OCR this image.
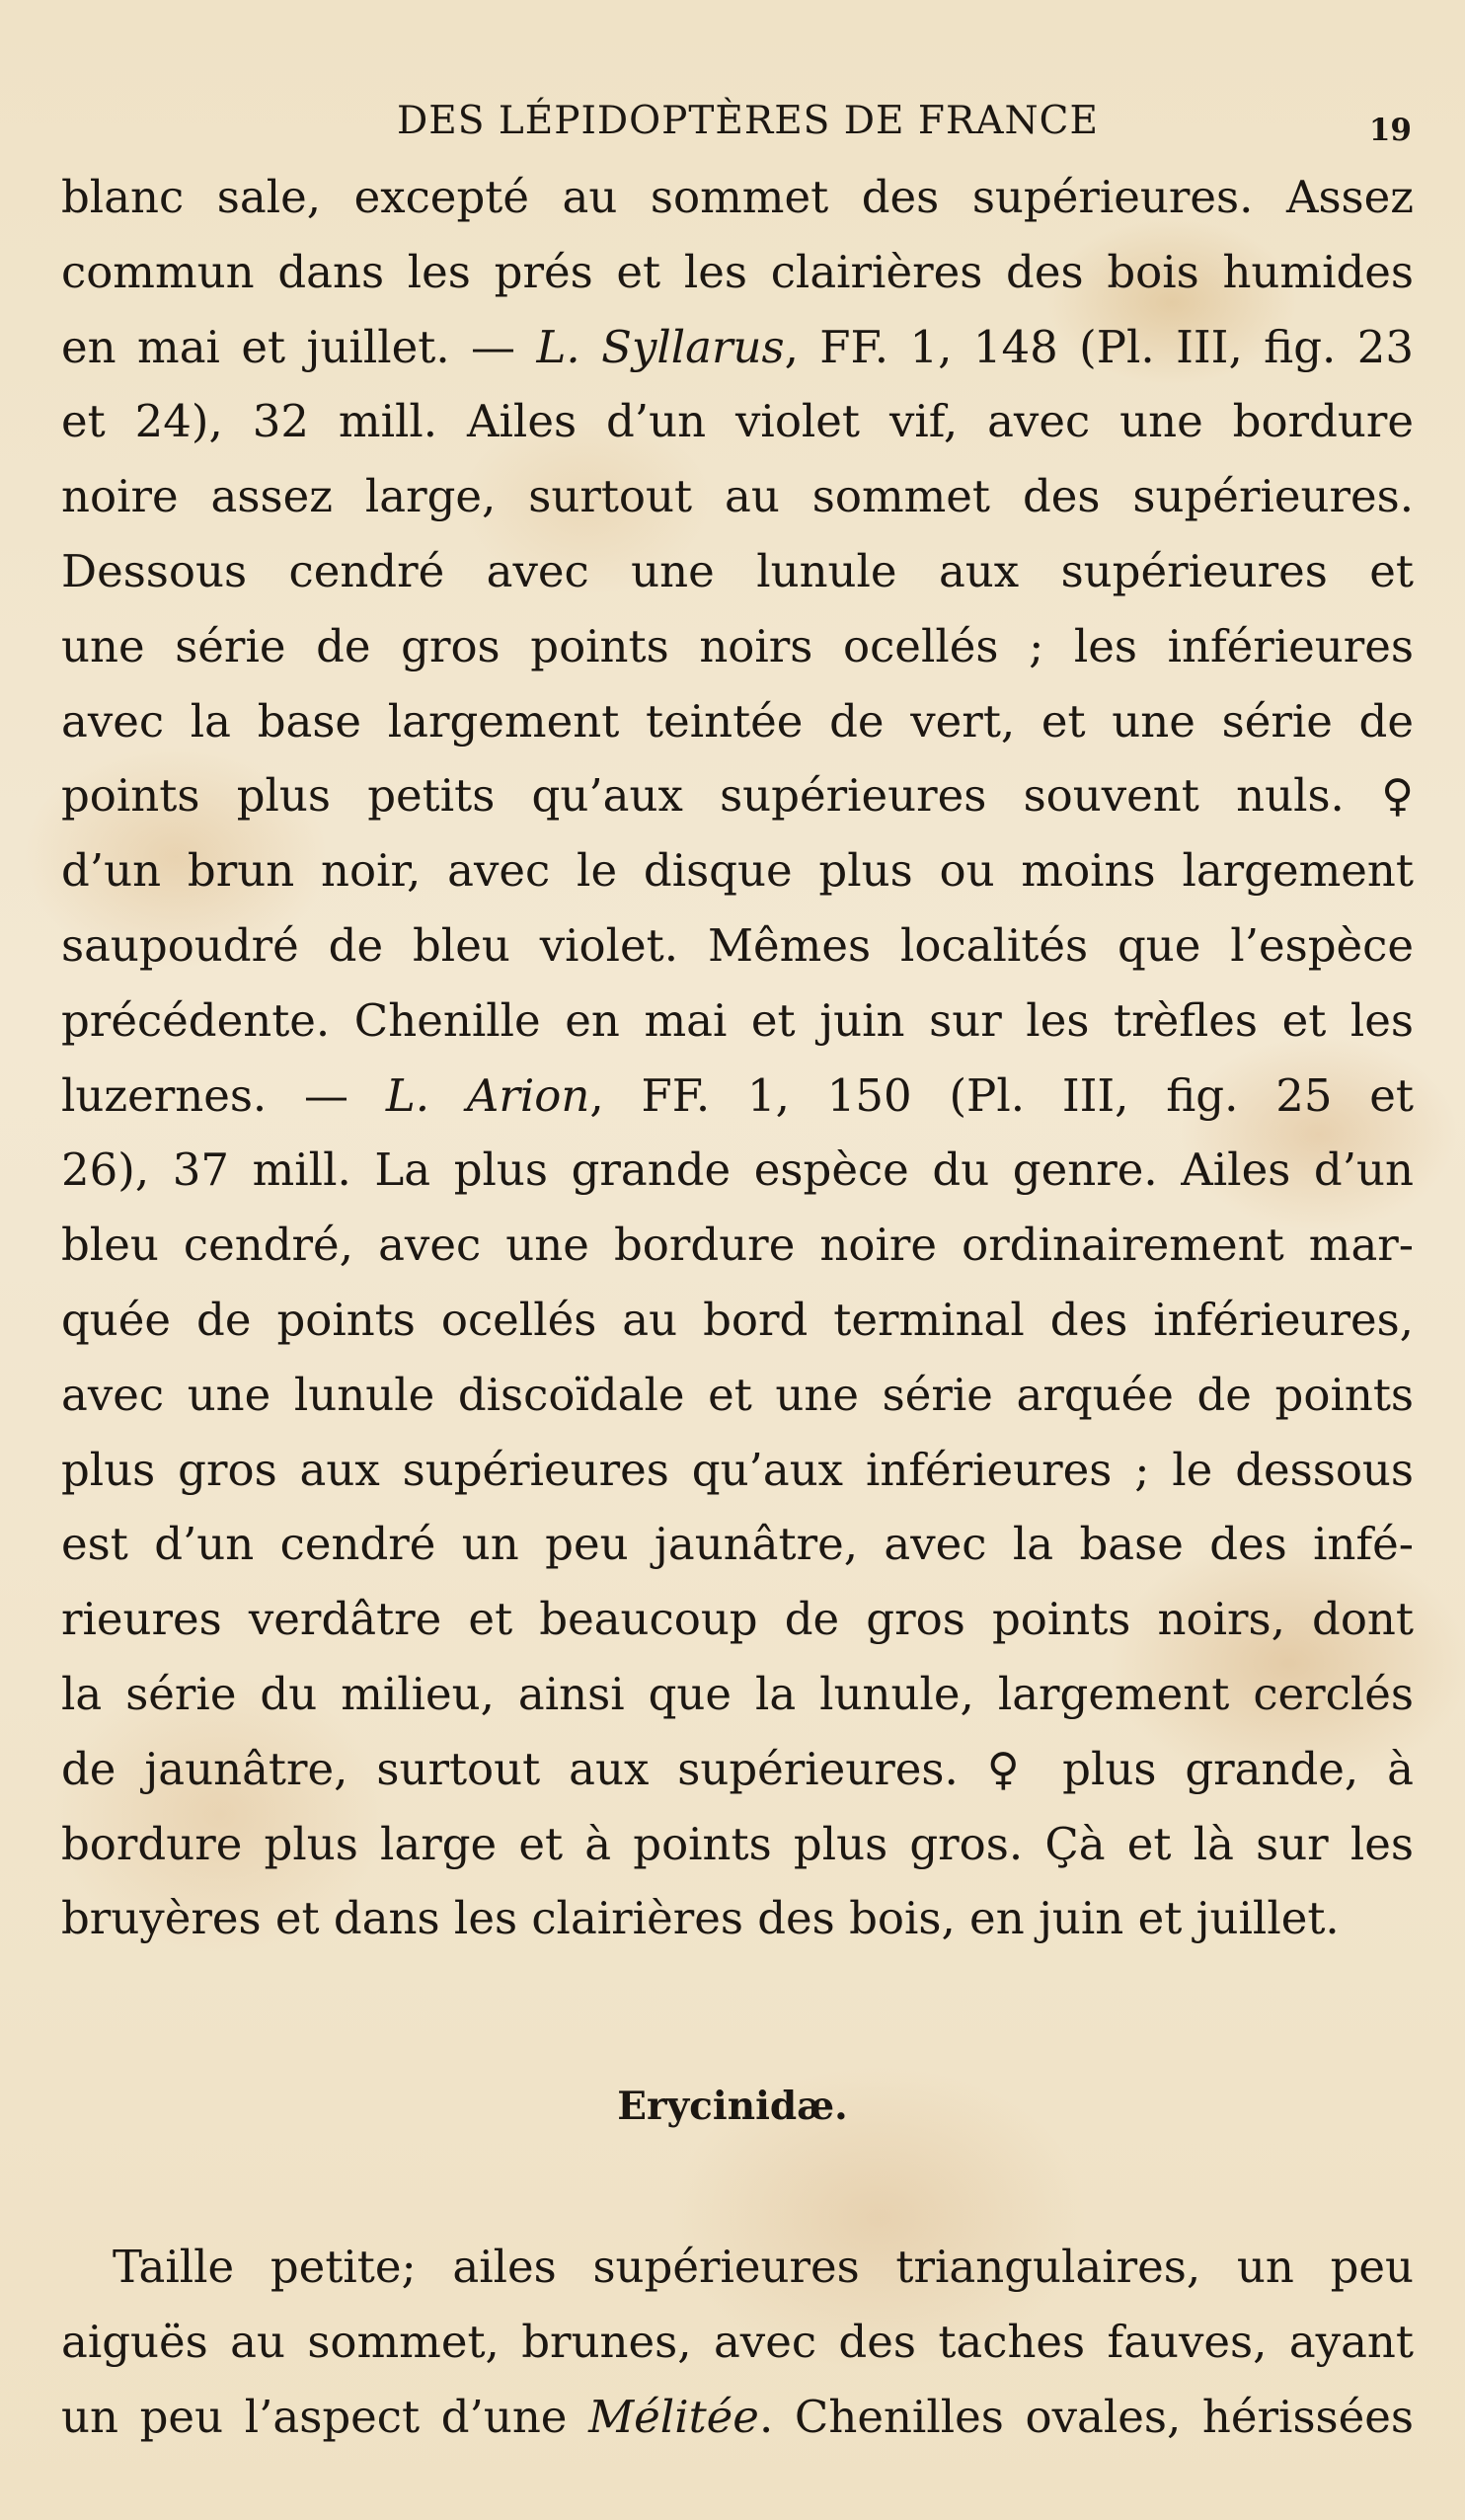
DES LÉPIDOPTÈRES DE FRANCE	19
blanc sale, excepté au sommet des supérieures. Assez
commun dans les prés et les clairières des bois humides
en mai et juillet. — L. Syllarus, FF. 1, 148 (Pl. III, fig. 23
et 24), 32 mill. Ailes d’un violet vif, avec une bordure
noire assez large, surtout au sommet des supérieures.
Dessous cendré avec une lunule aux supérieures et
une série de gros points noirs ocellés ; les inférieures
avec la base largement teintée de vert, et une série de
points plus petits qu’aux supérieures souvent nuls. ♀
d’un brun noir, avec le disque plus ou moins largement
saupoudré de bleu violet. Mêmes localités que l’espèce
précédente. Chenille en mai et juin sur les trèfles et les
luzernes. — L. Arion, FF. 1, 150 (Pl. III, fig. 25 et
26), 37 mill. La plus grande espèce du genre. Ailes d’un
bleu cendré, avec une bordure noire ordinairement mar-
quée de points ocellés au bord terminal des inférieures,
avec une lunule discoïdale et une série arquée de points
plus gros aux supérieures qu’aux inférieures ; le dessous
est d’un cendré un peu jaunâtre, avec la base des infé-
rieures verdâtre et beaucoup de gros points noirs, dont
la série du milieu, ainsi que la lunule, largement cerclés
de jaunâtre, surtout aux supérieures. ♀ plus grande, à
bordure plus large et à points plus gros. Çà et là sur les
bruyères et dans les clairières des bois, en juin et juillet.
Erycinidæ.
Taille petite; ailes supérieures triangulaires, un peu
aiguës au sommet, brunes, avec des taches fauves, ayant
un peu l’aspect d’une Mélitée. Chenilles ovales, hérissées
